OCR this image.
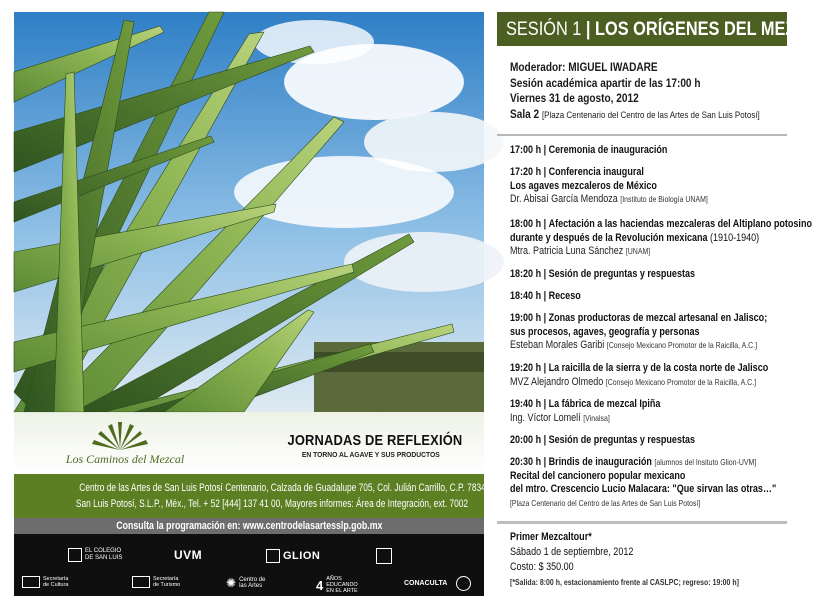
Los Caminos del Mezcal
JORNADAS DE REFLEXIÓN
EN TORNO AL AGAVE Y SUS PRODUCTOS
Centro de las Artes de San Luis Potosí Centenario, Calzada de Guadalupe 705, Col. Julián Carrillo, C.P. 78340,
San Luis Potosí, S.L.P., Méx., Tel. + 52 [444] 137 41 00, Mayores informes: Área de Integración, ext. 7002
Consulta la programación en: www.centrodelasartesslp.gob.mx
EL COLEGIO DE SAN LUIS	UVM	GLION
Secretaría de Cultura
Secretaría de Turismo	✺ Centro de las Artes	4 AÑOS EDUCANDO EN EL ARTE
CONACULTA
SESIÓN 1 | LOS ORÍGENES DEL MEZCAL
Moderador: MIGUEL IWADARE
Sesión académica apartir de las 17:00 h
Viernes 31 de agosto, 2012
Sala 2 [Plaza Centenario del Centro de las Artes de San Luis Potosí]
17:00 h | Ceremonia de inauguración
17:20 h | Conferencia inaugural
Los agaves mezcaleros de México
Dr. Abisaí García Mendoza [Instituto de Biología UNAM]
18:00 h | Afectación a las haciendas mezcaleras del Altiplano potosino
durante y después de la Revolución mexicana (1910-1940)
Mtra. Patricia Luna Sánchez [UNAM]
18:20 h | Sesión de preguntas y respuestas
18:40 h | Receso
19:00 h | Zonas productoras de mezcal artesanal en Jalisco;
sus procesos, agaves, geografía y personas
Esteban Morales Garibi [Consejo Mexicano Promotor de la Raicilla, A.C.]
19:20 h | La raicilla de la sierra y de la costa norte de Jalisco
MVZ Alejandro Olmedo [Consejo Mexicano Promotor de la Raicilla, A.C.]
19:40 h | La fábrica de mezcal Ipiña
Ing. Víctor Lomelí [Vinalsa]
20:00 h | Sesión de preguntas y respuestas
20:30 h | Brindis de inauguración [alumnos del Insituto Glion-UVM]
Recital del cancionero popular mexicano
del mtro. Crescencio Lucio Malacara: "Que sirvan las otras…"
[Plaza Centenario del Centro de las Artes de San Luis Potosí]
Primer Mezcaltour*
Sábado 1 de septiembre, 2012
Costo: $ 350.00
[*Salida: 8:00 h, estacionamiento frente al CASLPC; regreso: 19:00 h]
